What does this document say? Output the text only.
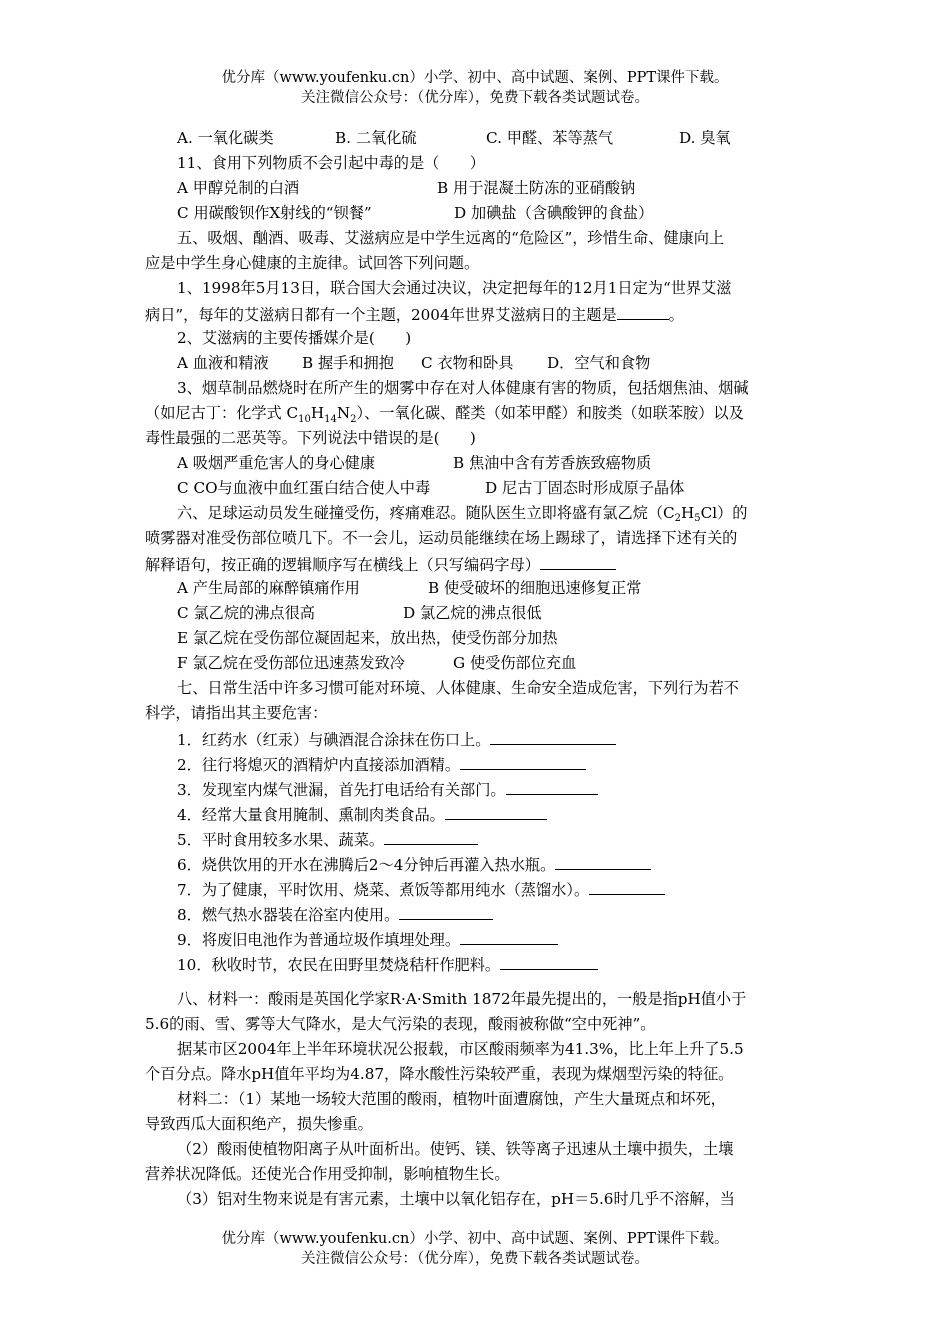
优分库（www.youfenku.cn）小学、初中、高中试题、案例、PPT课件下载。
关注微信公众号：（优分库），免费下载各类试题试卷。
A. 一氧化碳类	B. 二氧化硫	C. 甲醛、苯等蒸气	D. 臭氧
11、食用下列物质不会引起中毒的是（　　）
A 甲醇兑制的白酒	B 用于混凝土防冻的亚硝酸钠
C 用碳酸钡作X射线的“钡餐”	D 加碘盐（含碘酸钾的食盐）
五、吸烟、酗酒、吸毒、艾滋病应是中学生远离的“危险区”，珍惜生命、健康向上
应是中学生身心健康的主旋律。试回答下列问题。
1、1998年5月13日，联合国大会通过决议，决定把每年的12月1日定为“世界艾滋
病日”，每年的艾滋病日都有一个主题，2004年世界艾滋病日的主题是	。
2、艾滋病的主要传播媒介是(　　)
A 血液和精液 B 握手和拥抱 C 衣物和卧具 D．空气和食物
3、烟草制品燃烧时在所产生的烟雾中存在对人体健康有害的物质，包括烟焦油、烟碱
（如尼古丁：化学式 $C_{10}H_{14}N_2$）、一氧化碳、醛类（如苯甲醛）和胺类（如联苯胺）以及
毒性最强的二恶英等。下列说法中错误的是(　　)
A 吸烟严重危害人的身心健康	B 焦油中含有芳香族致癌物质
C CO与血液中血红蛋白结合使人中毒	D 尼古丁固态时形成原子晶体
六、足球运动员发生碰撞受伤，疼痛难忍。随队医生立即将盛有氯乙烷（C2H5Cl）的
喷雾器对准受伤部位喷几下。不一会儿，运动员能继续在场上踢球了，请选择下述有关的
解释语句，按正确的逻辑顺序写在横线上（只写编码字母）
A 产生局部的麻醉镇痛作用	B 使受破坏的细胞迅速修复正常
C 氯乙烷的沸点很高	D 氯乙烷的沸点很低
E 氯乙烷在受伤部位凝固起来，放出热，使受伤部分加热
F 氯乙烷在受伤部位迅速蒸发致冷	G 使受伤部位充血
七、日常生活中许多习惯可能对环境、人体健康、生命安全造成危害，下列行为若不
科学，请指出其主要危害：
1．红药水（红汞）与碘酒混合涂抹在伤口上。
2．往行将熄灭的酒精炉内直接添加酒精。
3．发现室内煤气泄漏，首先打电话给有关部门。
4．经常大量食用腌制、熏制肉类食品。
5．平时食用较多水果、蔬菜。
6．烧供饮用的开水在沸腾后2～4分钟后再灌入热水瓶。
7．为了健康，平时饮用、烧菜、煮饭等都用纯水（蒸馏水）。
8．燃气热水器装在浴室内使用。
9．将废旧电池作为普通垃圾作填埋处理。
10．秋收时节，农民在田野里焚烧秸杆作肥料。
八、材料一：酸雨是英国化学家R·A·Smith 1872年最先提出的，一般是指pH值小于
5.6的雨、雪、雾等大气降水，是大气污染的表现，酸雨被称做“空中死神”。
据某市区2004年上半年环境状况公报载，市区酸雨频率为41.3%，比上年上升了5.5
个百分点。降水pH值年平均为4.87，降水酸性污染较严重，表现为煤烟型污染的特征。
材料二：（1）某地一场较大范围的酸雨，植物叶面遭腐蚀，产生大量斑点和坏死，
导致西瓜大面积绝产，损失惨重。
（2）酸雨使植物阳离子从叶面析出。使钙、镁、铁等离子迅速从土壤中损失，土壤
营养状况降低。还使光合作用受抑制，影响植物生长。
（3）铝对生物来说是有害元素，土壤中以氧化铝存在，pH＝5.6时几乎不溶解，当
优分库（www.youfenku.cn）小学、初中、高中试题、案例、PPT课件下载。
关注微信公众号：（优分库），免费下载各类试题试卷。
